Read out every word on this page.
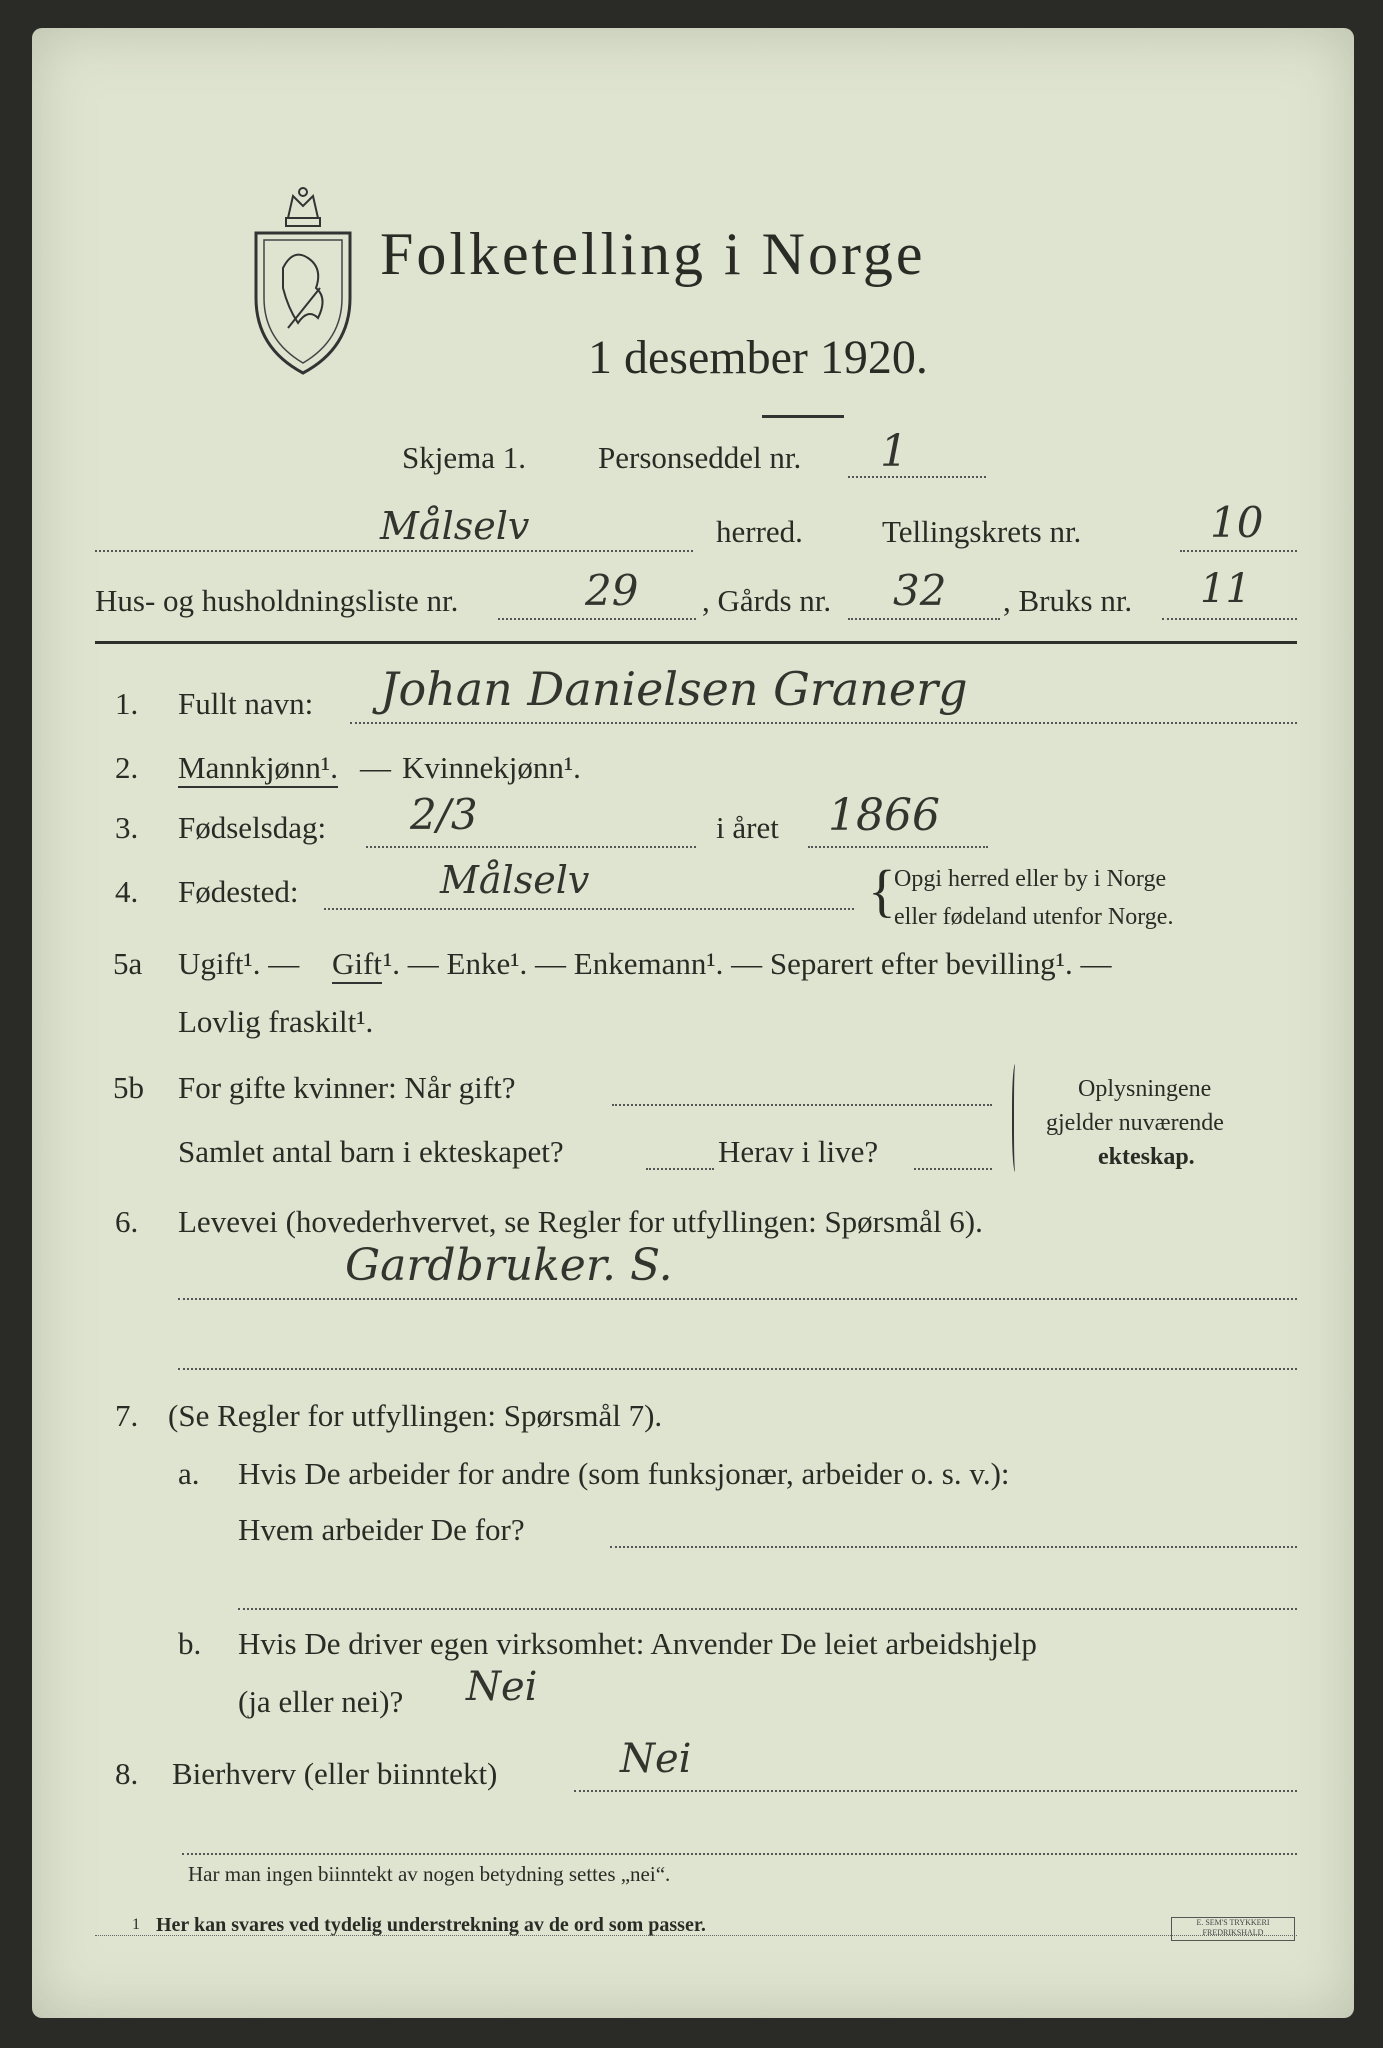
Folketelling i Norge
1 desember 1920.
Skjema 1. Personseddel nr. 1
Målselv	herred.	Tellingskrets nr.	10
Hus- og husholdningsliste nr.	29 , Gårds nr. 32 , Bruks nr. 11
1. Fullt navn: Johan Danielsen Granerg
2. Mannkjønn¹. — Kvinnekjønn¹.
3. Fødselsdag: 2/3	i året 1866
4. Fødested:	Målselv	{
Opgi herred eller by i Norge
eller fødeland utenfor Norge.
5a Ugift¹. — Gift ¹. — Enke¹. — Enkemann¹. — Separert efter bevilling¹. —
Lovlig fraskilt¹.
5b For gifte kvinner: Når gift?
Samlet antal barn i ekteskapet?	Herav i live?
Oplysningene
gjelder nuværende
ekteskap.
6. Levevei (hovederhvervet, se Regler for utfyllingen: Spørsmål 6).
Gardbruker. S.
7. (Se Regler for utfyllingen: Spørsmål 7).
a. Hvis De arbeider for andre (som funksjonær, arbeider o. s. v.):
Hvem arbeider De for?
b. Hvis De driver egen virksomhet: Anvender De leiet arbeidshjelp
(ja eller nei)? Nei
8. Bierhverv (eller biinntekt)	Nei
Har man ingen biinntekt av nogen betydning settes „nei“.
1 Her kan svares ved tydelig understrekning av de ord som passer.	E. SEM'S TRYKKERI FREDRIKSHALD
